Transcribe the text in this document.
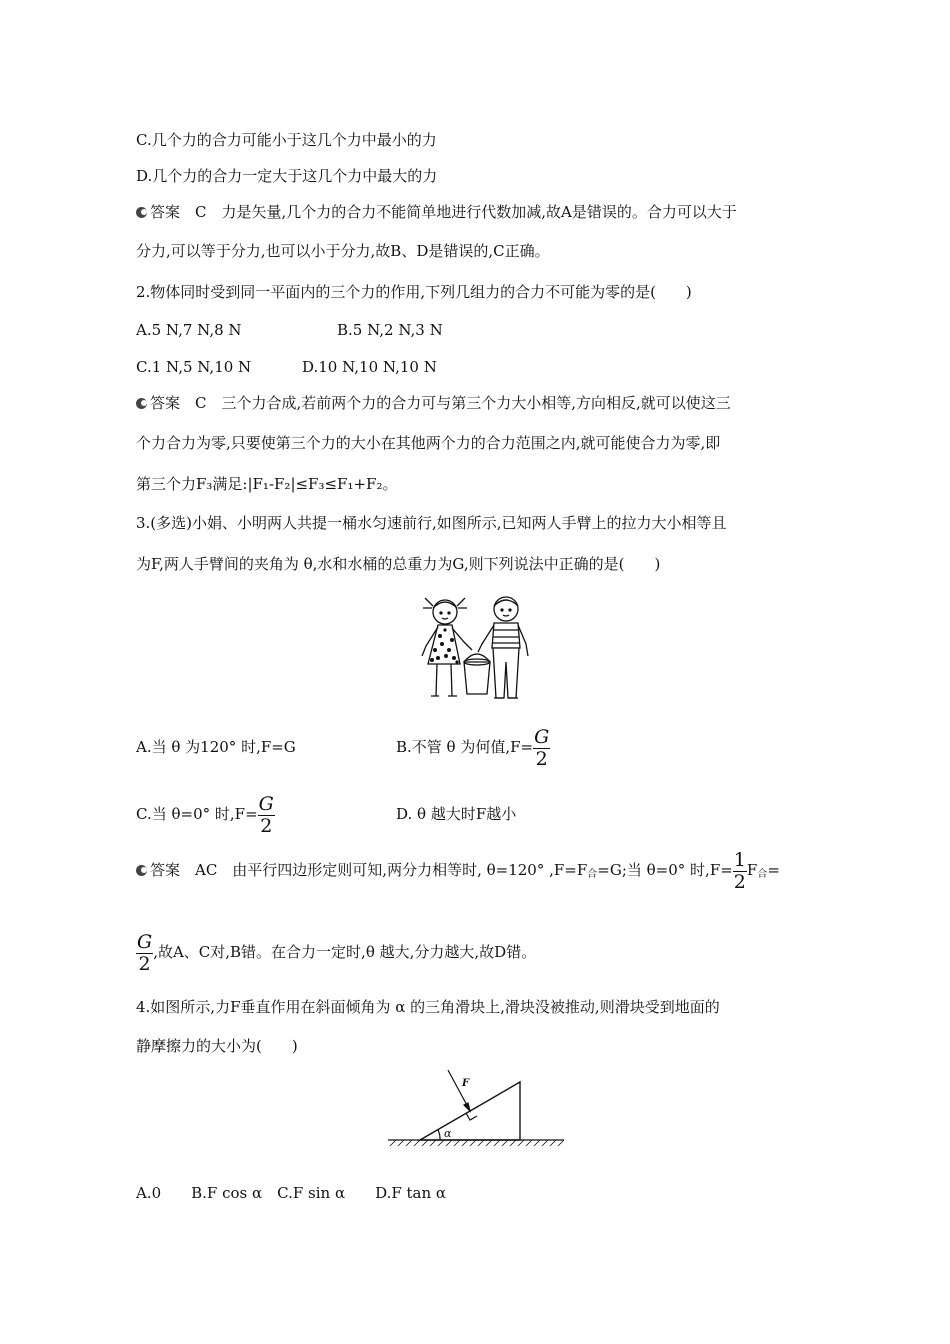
C.几个力的合力可能小于这几个力中最小的力
D.几个力的合力一定大于这几个力中最大的力
答案　C　力是矢量,几个力的合力不能简单地进行代数加减,故A是错误的。合力可以大于
分力,可以等于分力,也可以小于分力,故B、D是错误的,C正确。
2.物体同时受到同一平面内的三个力的作用,下列几组力的合力不可能为零的是(　　)
A.5 N,7 N,8 N	B.5 N,2 N,3 N
C.1 N,5 N,10 N	D.10 N,10 N,10 N
答案　C　三个力合成,若前两个力的合力可与第三个力大小相等,方向相反,就可以使这三
个力合力为零,只要使第三个力的大小在其他两个力的合力范围之内,就可能使合力为零,即
第三个力F₃满足:|F₁-F₂|≤F₃≤F₁+F₂。
3.(多选)小娟、小明两人共提一桶水匀速前行,如图所示,已知两人手臂上的拉力大小相等且
为F,两人手臂间的夹角为 θ,水和水桶的总重力为G,则下列说法中正确的是(　　)
A.当 θ 为120° 时,F=G	B.不管 θ 为何值$,F= \frac{G}{2}$
C.当 θ=0° 时$,F= \frac{G}{2}$	D. θ 越大时F越小
答案　AC　由平行四边形定则可知,两分力相等时, θ=120° $,F=F_合=G$;当 θ=0° 时$,F= \frac{1}{2} F_合=$
$\frac{G}{2}$ ,故A、C对,B错。在合力一定时,θ 越大,分力越大,故D错。
4.如图所示,力F垂直作用在斜面倾角为 α 的三角滑块上,滑块没被推动,则滑块受到地面的
静摩擦力的大小为(　　)
α
F
A.0　　B.F cos α　C.F sin α　　D.F tan α
